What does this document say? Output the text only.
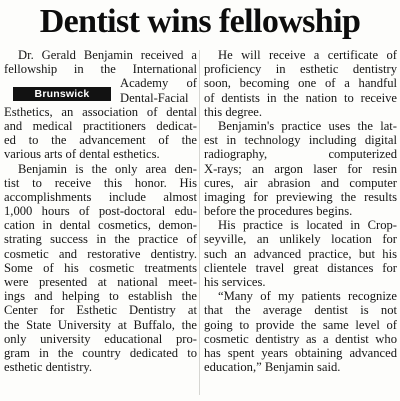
Dentist wins fellowship
Dr. Gerald Benjamin received a
fellowship in the International
Academy of
Dental-Facial
Esthetics, an association of dental
and medical practitioners dedicat-
ed to the advancement of the
various arts of dental esthetics.
Benjamin is the only area den-
tist to receive this honor. His
accomplishments include almost
1,000 hours of post-doctoral edu-
cation in dental cosmetics, demon-
strating success in the practice of
cosmetic and restorative dentistry.
Some of his cosmetic treatments
were presented at national meet-
ings and helping to establish the
Center for Esthetic Dentistry at
the State University at Buffalo, the
only university educational pro-
gram in the country dedicated to
esthetic dentistry.
Brunswick
He will receive a certificate of
proficiency in esthetic dentistry
soon, becoming one of a handful
of dentists in the nation to receive
this degree.
Benjamin's practice uses the lat-
est in technology including digital
radiography, computerized
X-rays; an argon laser for resin
cures, air abrasion and computer
imaging for previewing the results
before the procedures begins.
His practice is located in Crop-
seyville, an unlikely location for
such an advanced practice, but his
clientele travel great distances for
his services.
“Many of my patients recognize
that the average dentist is not
going to provide the same level of
cosmetic dentistry as a dentist who
has spent years obtaining advanced
education,” Benjamin said.
